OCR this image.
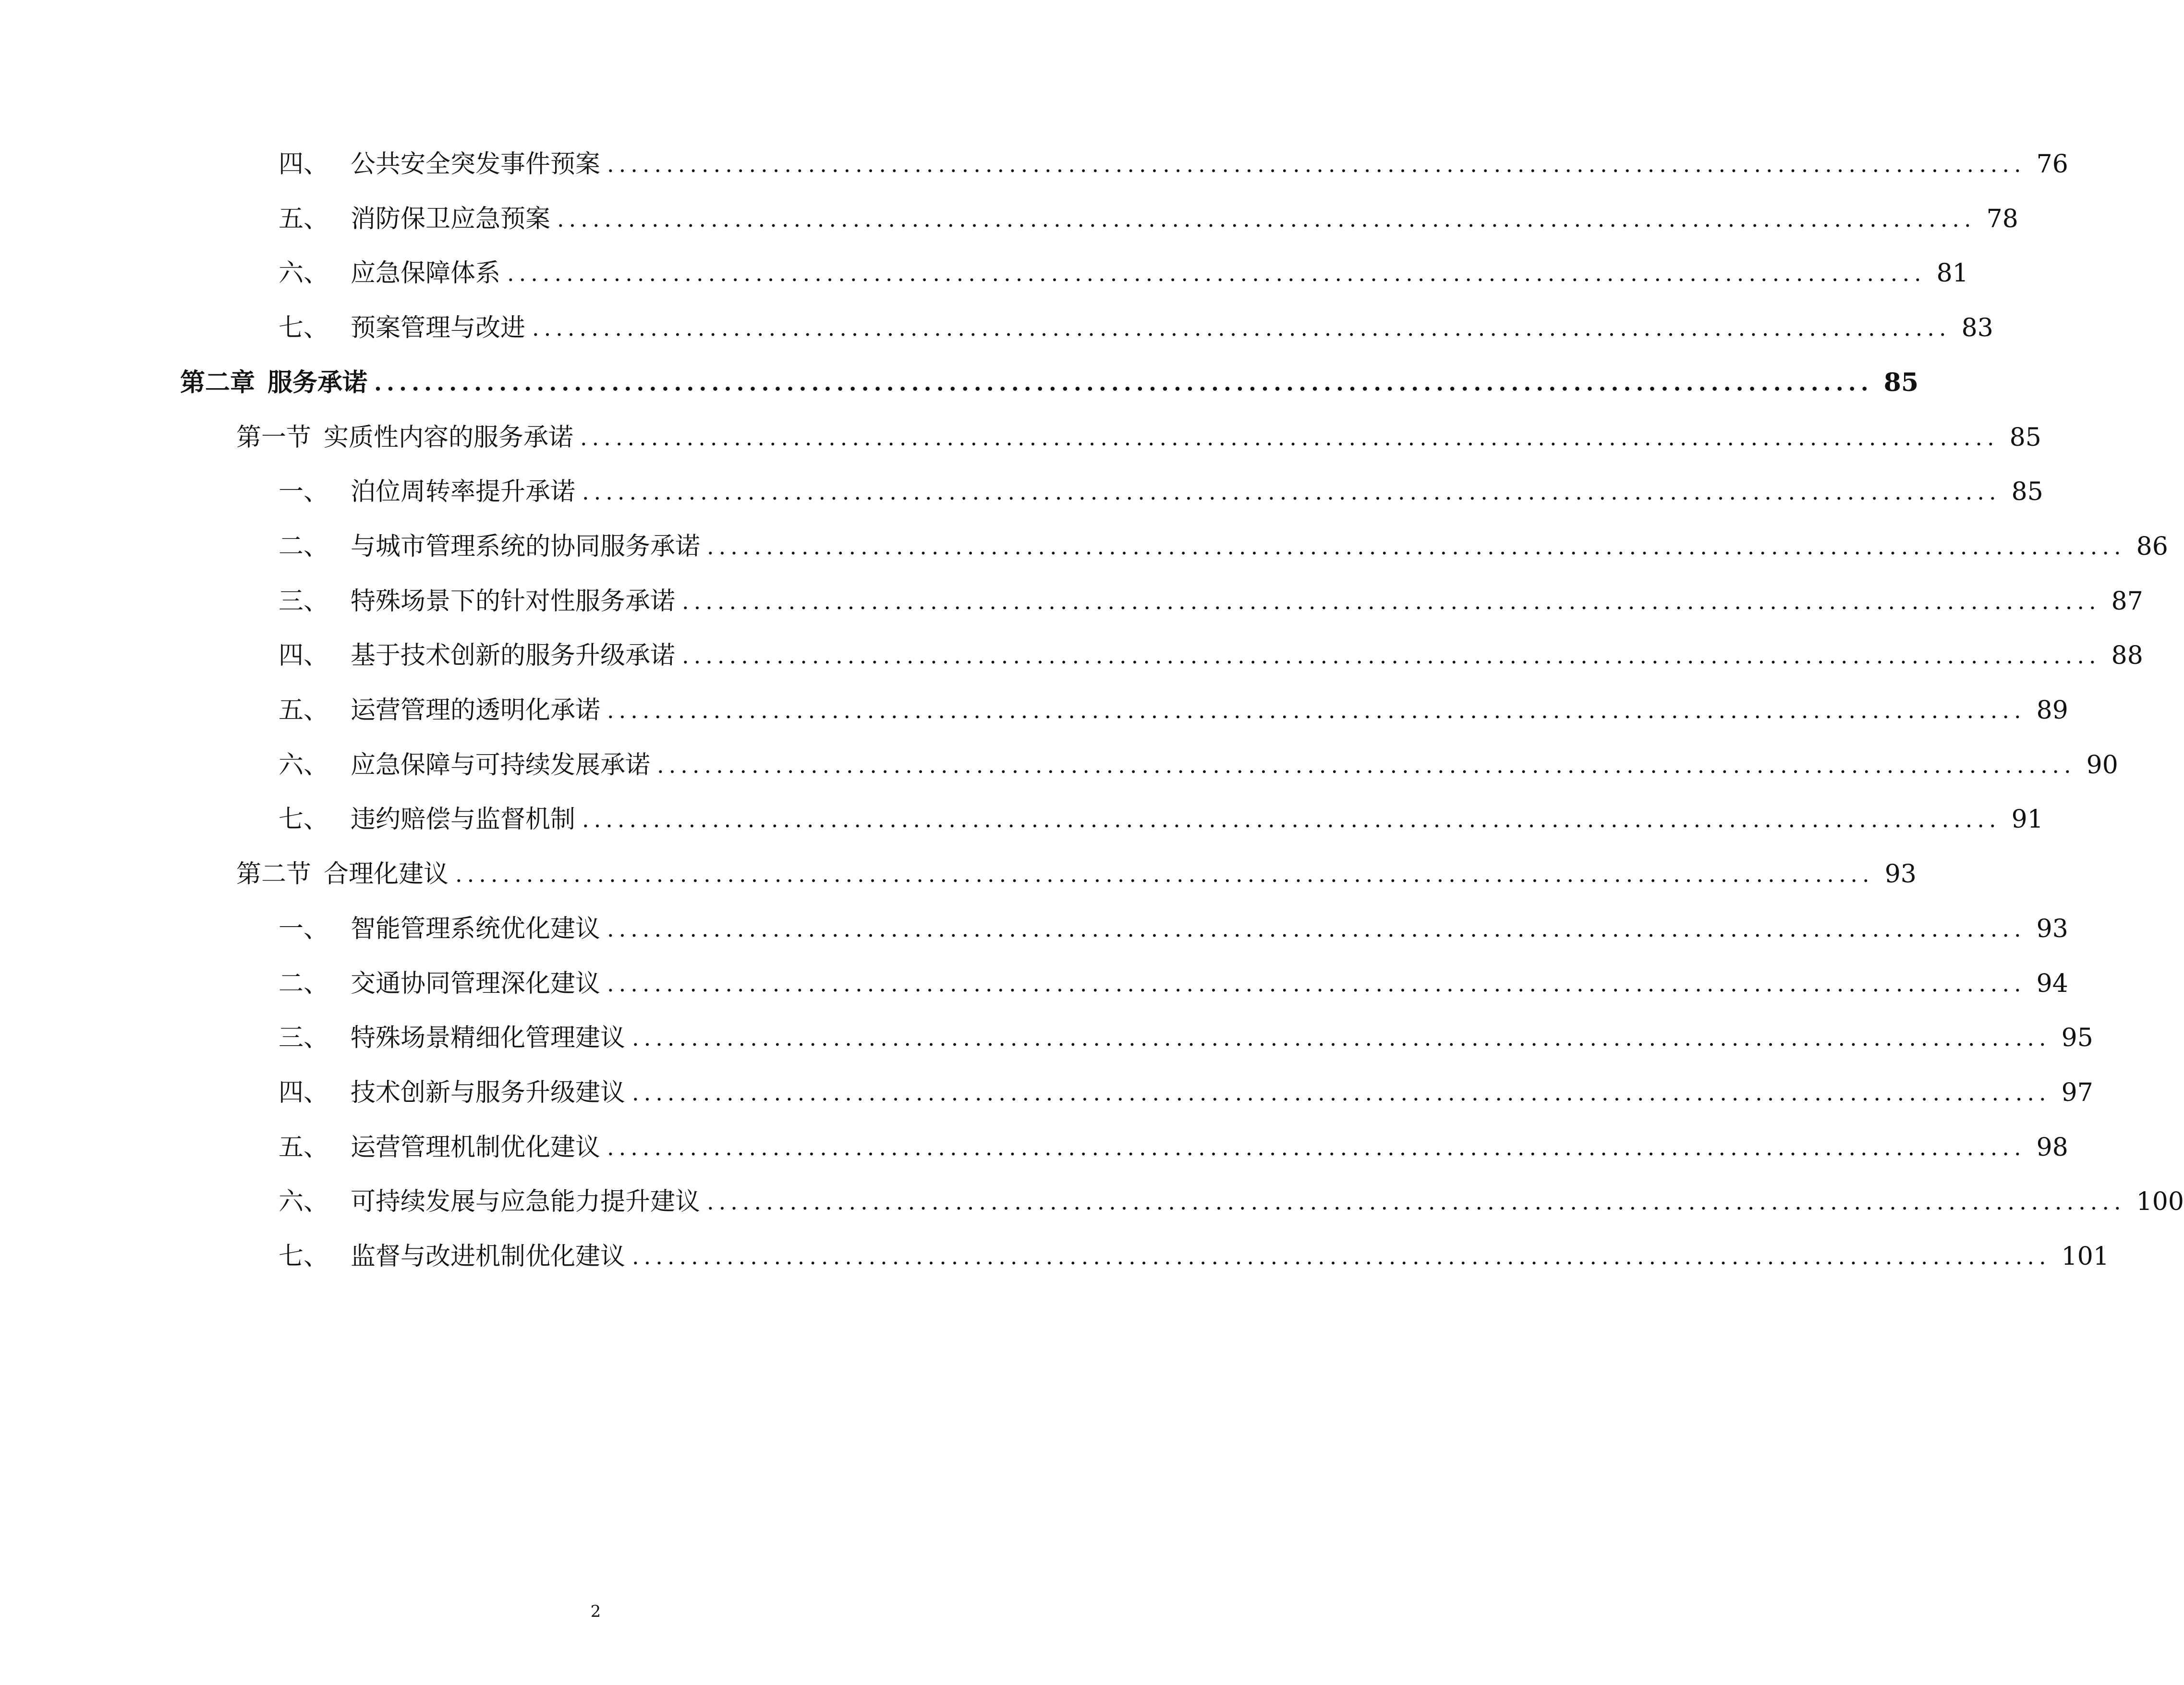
四、 公共安全突发事件预案 ........................................................................................................................ 76
五、 消防保卫应急预案 ........................................................................................................................ 78
六、 应急保障体系 ........................................................................................................................ 81
七、 预案管理与改进 ........................................................................................................................ 83
第二章 服务承诺 ........................................................................................................................ 85
第一节 实质性内容的服务承诺 ........................................................................................................................ 85
一、 泊位周转率提升承诺 ........................................................................................................................ 85
二、 与城市管理系统的协同服务承诺 ........................................................................................................................ 86
三、 特殊场景下的针对性服务承诺 ........................................................................................................................ 87
四、 基于技术创新的服务升级承诺 ........................................................................................................................ 88
五、 运营管理的透明化承诺 ........................................................................................................................ 89
六、 应急保障与可持续发展承诺 ........................................................................................................................ 90
七、 违约赔偿与监督机制 ........................................................................................................................ 91
第二节 合理化建议 ........................................................................................................................ 93
一、 智能管理系统优化建议 ........................................................................................................................ 93
二、 交通协同管理深化建议 ........................................................................................................................ 94
三、 特殊场景精细化管理建议 ........................................................................................................................ 95
四、 技术创新与服务升级建议 ........................................................................................................................ 97
五、 运营管理机制优化建议 ........................................................................................................................ 98
六、 可持续发展与应急能力提升建议 ........................................................................................................................ 100
七、 监督与改进机制优化建议 ........................................................................................................................ 101
2
